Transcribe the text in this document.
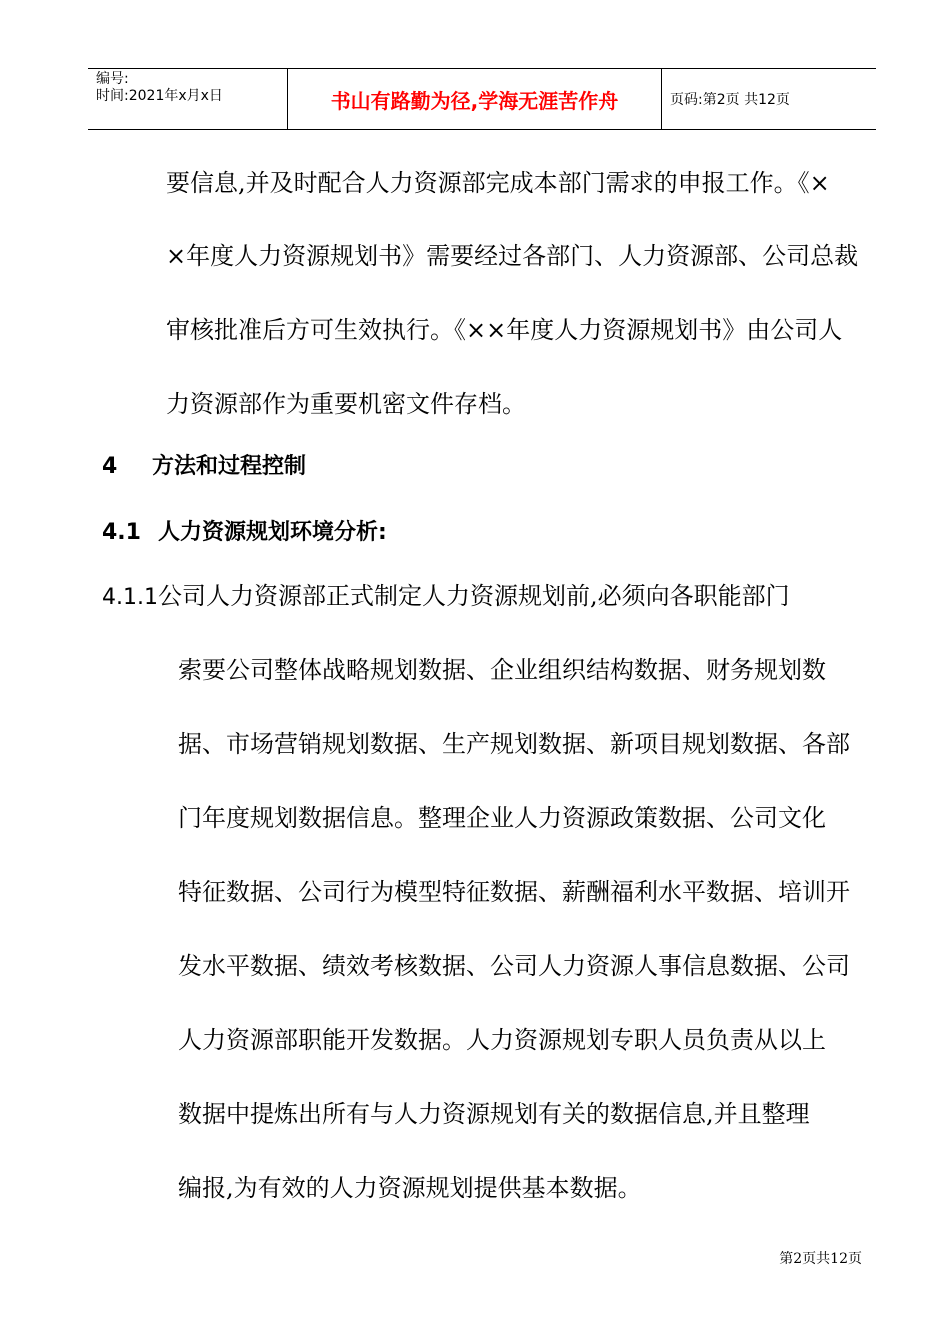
编号:
时间:2021年x月x日	书山有路勤为径,学海无涯苦作舟	页码:第2页 共12页
要信息,并及时配合人力资源部完成本部门需求的申报工作。《×
×年度人力资源规划书》需要经过各部门、人力资源部、公司总裁
审核批准后方可生效执行。《××年度人力资源规划书》由公司人
力资源部作为重要机密文件存档。
4 方法和过程控制
4.1 人力资源规划环境分析:
4.1.1公司人力资源部正式制定人力资源规划前,必须向各职能部门
索要公司整体战略规划数据、企业组织结构数据、财务规划数
据、市场营销规划数据、生产规划数据、新项目规划数据、各部
门年度规划数据信息。整理企业人力资源政策数据、公司文化
特征数据、公司行为模型特征数据、薪酬福利水平数据、培训开
发水平数据、绩效考核数据、公司人力资源人事信息数据、公司
人力资源部职能开发数据。人力资源规划专职人员负责从以上
数据中提炼出所有与人力资源规划有关的数据信息,并且整理
编报,为有效的人力资源规划提供基本数据。
第2页共12页
